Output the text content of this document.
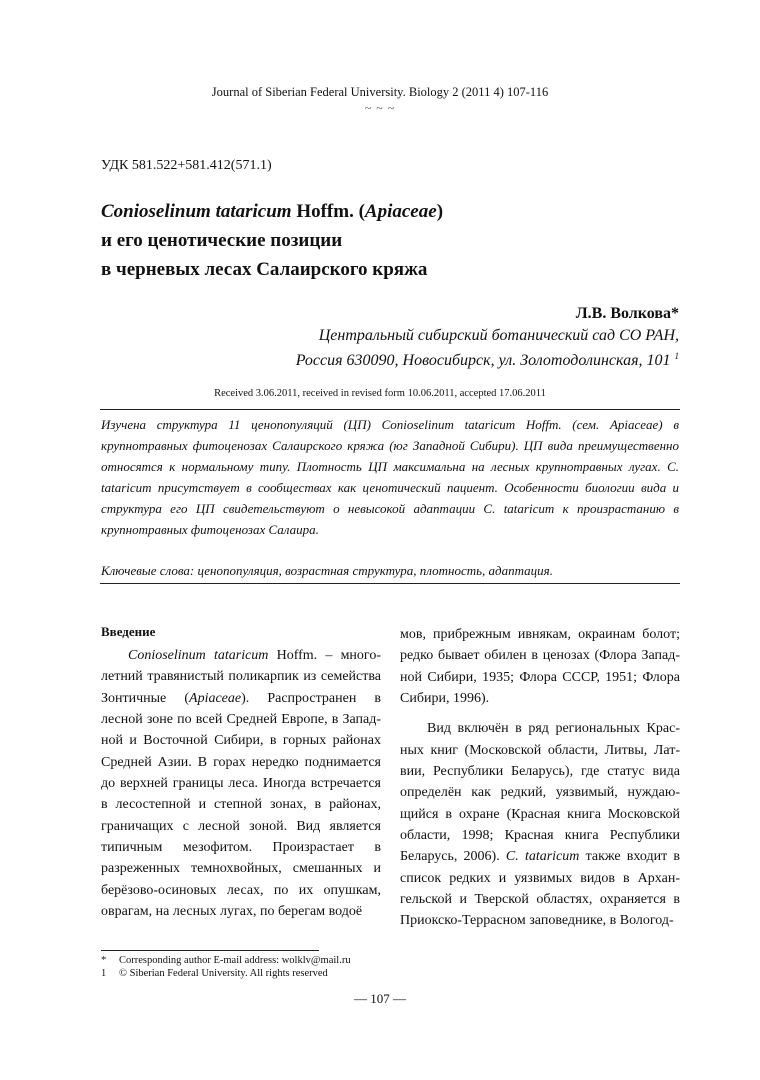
Journal of Siberian Federal University. Biology 2 (2011 4) 107-116
~ ~ ~
УДК 581.522+581.412(571.1)
Conioselinum tataricum Hoffm. (Apiaceae)
и его ценотические позиции
в черневых лесах Салаирского кряжа
Л.В. Волкова*
Центральный сибирский ботанический сад СО РАН,
Россия 630090, Новосибирск, ул. Золотодолинская, 101 $^1$
Received 3.06.2011, received in revised form 10.06.2011, accepted 17.06.2011
Изучена структура 11 ценопопуляций (ЦП) Conioselinum tataricum Hoffm. (сем. Apiaceae) в крупнотравных фитоценозах Салаирского кряжа (юг Западной Сибири). ЦП вида преимущественно относятся к нормальному типу. Плотность ЦП максимальна на лесных крупнотравных лугах. C. tataricum присутствует в сообществах как ценотический пациент. Особенности биологии вида и структура его ЦП свидетельствуют о невысокой адаптации C. tataricum к произрастанию в крупнотравных фитоценозах Салаира.
Ключевые слова: ценопопуляция, возрастная структура, плотность, адаптация.
Введение

Conioselinum tataricum Hoffm. – многолетний травянистый поликарпик из семейства Зонтичные (Apiaceae). Распространен в лесной зоне по всей Средней Европе, в Западной и Восточной Сибири, в горных районах Средней Азии. В горах нередко поднимается до верхней границы леса. Иногда встречается в лесостепной и степной зонах, в районах, граничащих с лесной зоной. Вид является типичным мезофитом. Произрастает в разреженных темнохвойных, смешанных и берёзово-осиновых лесах, по их опушкам, оврагам, на лесных лугах, по берегам водоё

мов, прибрежным ивнякам, окраинам болот; редко бывает обилен в ценозах (Флора Западной Сибири, 1935; Флора СССР, 1951; Флора Сибири, 1996).

Вид включён в ряд региональных Красных книг (Московской области, Литвы, Латвии, Республики Беларусь), где статус вида определён как редкий, уязвимый, нуждающийся в охране (Красная книга Московской области, 1998; Красная книга Республики Беларусь, 2006). C. tataricum также входит в список редких и уязвимых видов в Архангельской и Тверской областях, охраняется в Приокско-Террасном заповеднике, в Вологод-

* Corresponding author E-mail address: wolklv@mail.ru
1 © Siberian Federal University. All rights reserved
— 107 —
